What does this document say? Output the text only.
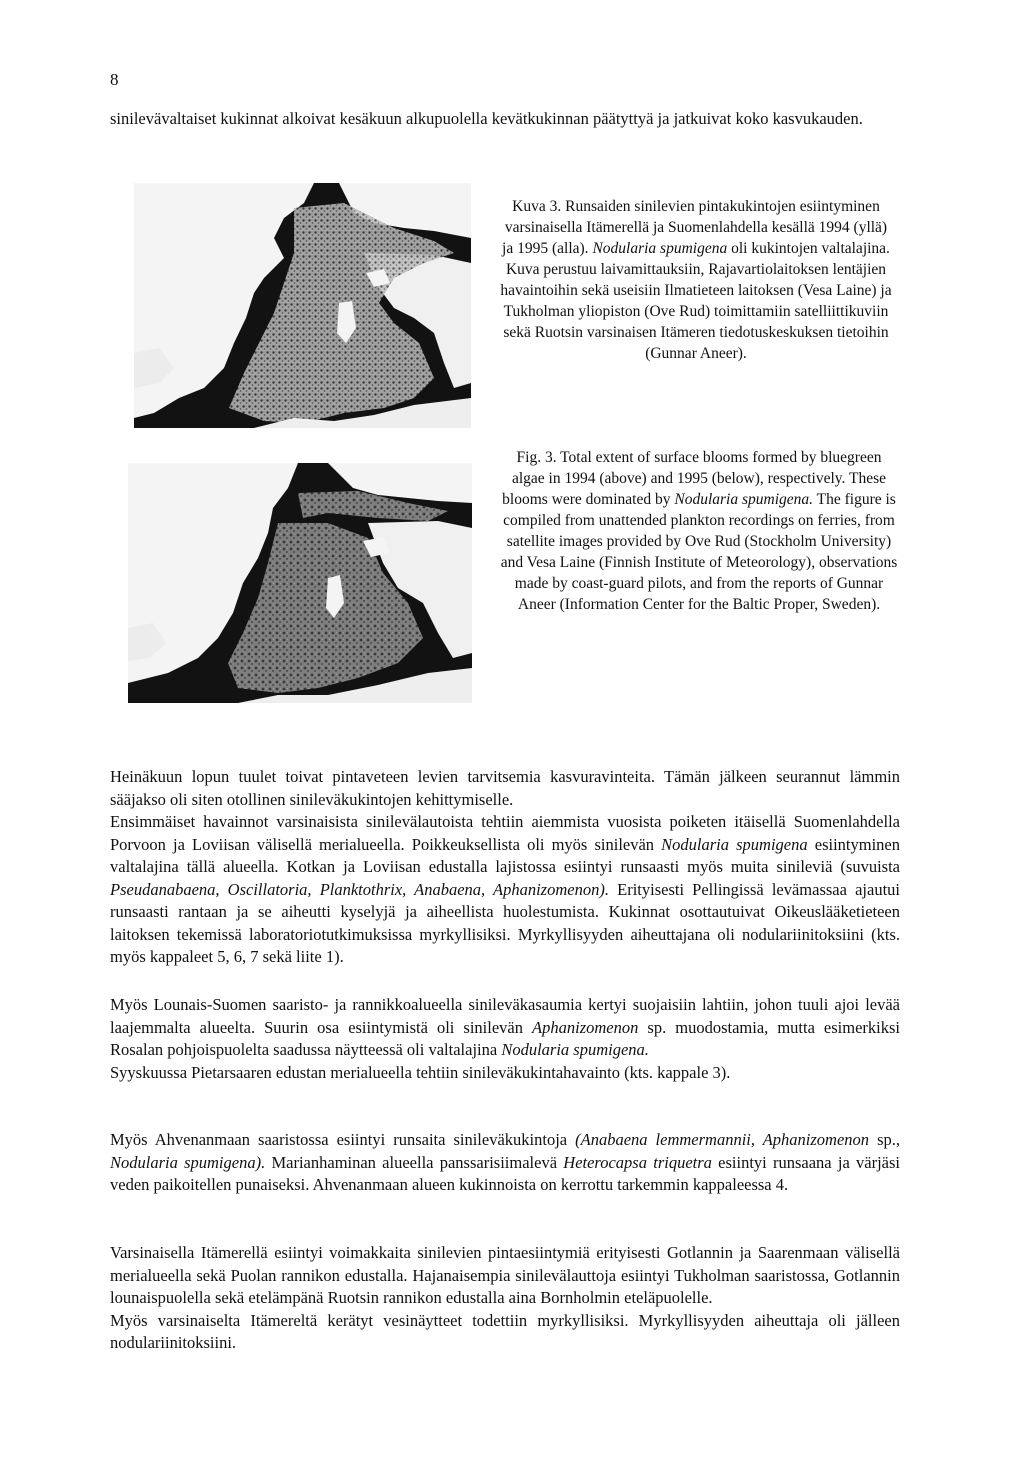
8
sinilevävaltaiset kukinnat alkoivat kesäkuun alkupuolella kevätkukinnan päätyttyä ja jatkuivat koko kasvukauden.
Kuva 3. Runsaiden sinilevien pintakukintojen esiintyminen varsinaisella Itämerellä ja Suomenlahdella kesällä 1994 (yllä) ja 1995 (alla). Nodularia spumigena oli kukintojen valtalajina. Kuva perustuu laivamittauksiin, Rajavartiolaitoksen lentäjien havaintoihin sekä useisiin Ilmatieteen laitoksen (Vesa Laine) ja Tukholman yliopiston (Ove Rud) toimittamiin satelliittikuviin sekä Ruotsin varsinaisen Itämeren tiedotuskeskuksen tietoihin (Gunnar Aneer).
Fig. 3. Total extent of surface blooms formed by bluegreen algae in 1994 (above) and 1995 (below), respectively. These blooms were dominated by Nodularia spumigena. The figure is compiled from unattended plankton recordings on ferries, from satellite images provided by Ove Rud (Stockholm University) and Vesa Laine (Finnish Institute of Meteorology), observations made by coast-guard pilots, and from the reports of Gunnar Aneer (Information Center for the Baltic Proper, Sweden).

Heinäkuun lopun tuulet toivat pintaveteen levien tarvitsemia kasvuravinteita. Tämän jälkeen seurannut lämmin sääjakso oli siten otollinen sinileväkukintojen kehittymiselle.

Ensimmäiset havainnot varsinaisista sinilevälautoista tehtiin aiemmista vuosista poiketen itäisellä Suomenlahdella Porvoon ja Loviisan välisellä merialueella. Poikkeuksellista oli myös sinilevän Nodularia spumigena esiintyminen valtalajina tällä alueella. Kotkan ja Loviisan edustalla lajistossa esiintyi runsaasti myös muita sinileviä (suvuista Pseudanabaena, Oscillatoria, Planktothrix, Anabaena, Aphanizomenon). Erityisesti Pellingissä levämassaa ajautui runsaasti rantaan ja se aiheutti kyselyjä ja aiheellista huolestumista. Kukinnat osottautuivat Oikeuslääketieteen laitoksen tekemissä laboratoriotutkimuksissa myrkyllisiksi. Myrkyllisyyden aiheuttajana oli nodulariinitoksiini (kts. myös kappaleet 5, 6, 7 sekä liite 1).

Myös Lounais-Suomen saaristo- ja rannikkoalueella sinileväkasaumia kertyi suojaisiin lahtiin, johon tuuli ajoi levää laajemmalta alueelta. Suurin osa esiintymistä oli sinilevän Aphanizomenon sp. muodostamia, mutta esimerkiksi Rosalan pohjoispuolelta saadussa näytteessä oli valtalajina Nodularia spumigena.

Syyskuussa Pietarsaaren edustan merialueella tehtiin sinileväkukintahavainto (kts. kappale 3).

Myös Ahvenanmaan saaristossa esiintyi runsaita sinileväkukintoja (Anabaena lemmermannii, Aphanizomenon sp., Nodularia spumigena). Marianhaminan alueella panssarisiimalevä Heterocapsa triquetra esiintyi runsaana ja värjäsi veden paikoitellen punaiseksi. Ahvenanmaan alueen kukinnoista on kerrottu tarkemmin kappaleessa 4.

Varsinaisella Itämerellä esiintyi voimakkaita sinilevien pintaesiintymiä erityisesti Gotlannin ja Saarenmaan välisellä merialueella sekä Puolan rannikon edustalla. Hajanaisempia sinilevälauttoja esiintyi Tukholman saaristossa, Gotlannin lounaispuolella sekä etelämpänä Ruotsin rannikon edustalla aina Bornholmin eteläpuolelle.

Myös varsinaiselta Itämereltä kerätyt vesinäytteet todettiin myrkyllisiksi. Myrkyllisyyden aiheuttaja oli jälleen nodulariinitoksiini.
